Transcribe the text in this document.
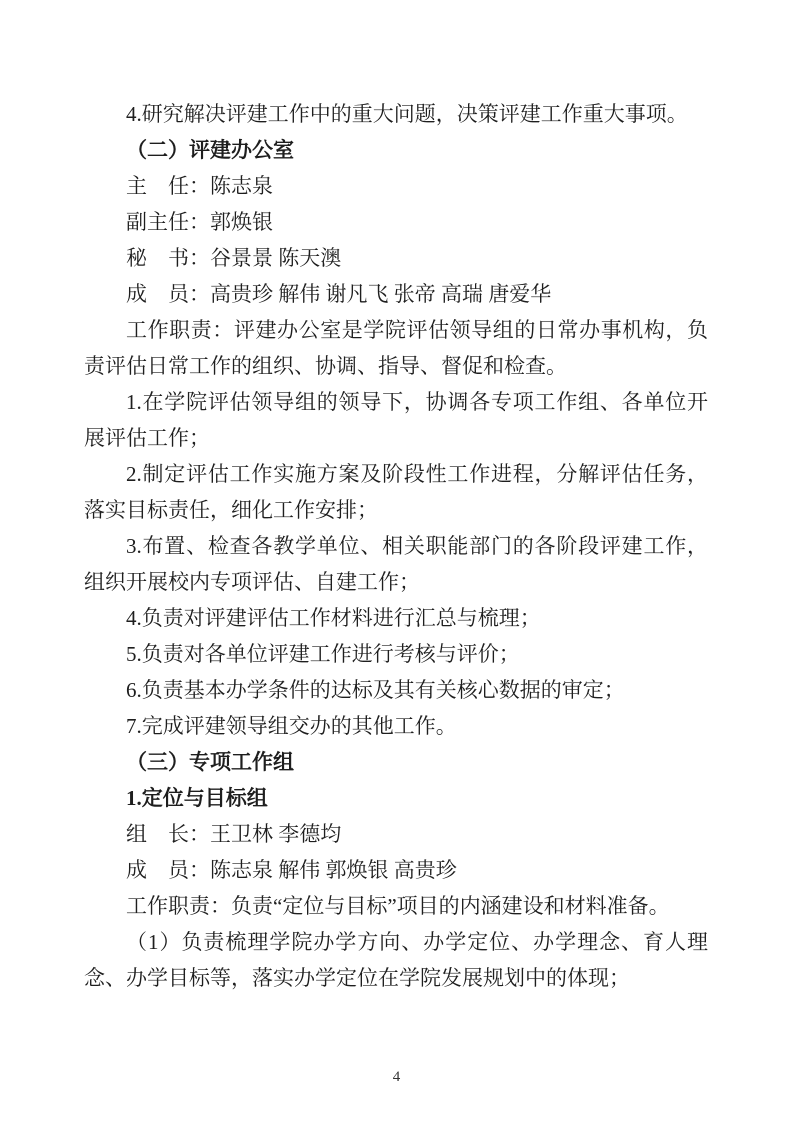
4.研究解决评建工作中的重大问题，决策评建工作重大事项。

（二）评建办公室

主　任：陈志泉

副主任：郭焕银

秘　书：谷景景 陈天澳

成　员：高贵珍 解伟 谢凡飞 张帝 高瑞 唐爱华

工作职责：评建办公室是学院评估领导组的日常办事机构，负责评估日常工作的组织、协调、指导、督促和检查。

1.在学院评估领导组的领导下，协调各专项工作组、各单位开展评估工作；

2.制定评估工作实施方案及阶段性工作进程，分解评估任务，落实目标责任，细化工作安排；

3.布置、检查各教学单位、相关职能部门的各阶段评建工作，组织开展校内专项评估、自建工作；

4.负责对评建评估工作材料进行汇总与梳理；

5.负责对各单位评建工作进行考核与评价；

6.负责基本办学条件的达标及其有关核心数据的审定；

7.完成评建领导组交办的其他工作。

（三）专项工作组

1.定位与目标组

组　长：王卫林 李德均

成　员：陈志泉 解伟 郭焕银 高贵珍

工作职责：负责“定位与目标”项目的内涵建设和材料准备。

（1）负责梳理学院办学方向、办学定位、办学理念、育人理念、办学目标等，落实办学定位在学院发展规划中的体现；

4
